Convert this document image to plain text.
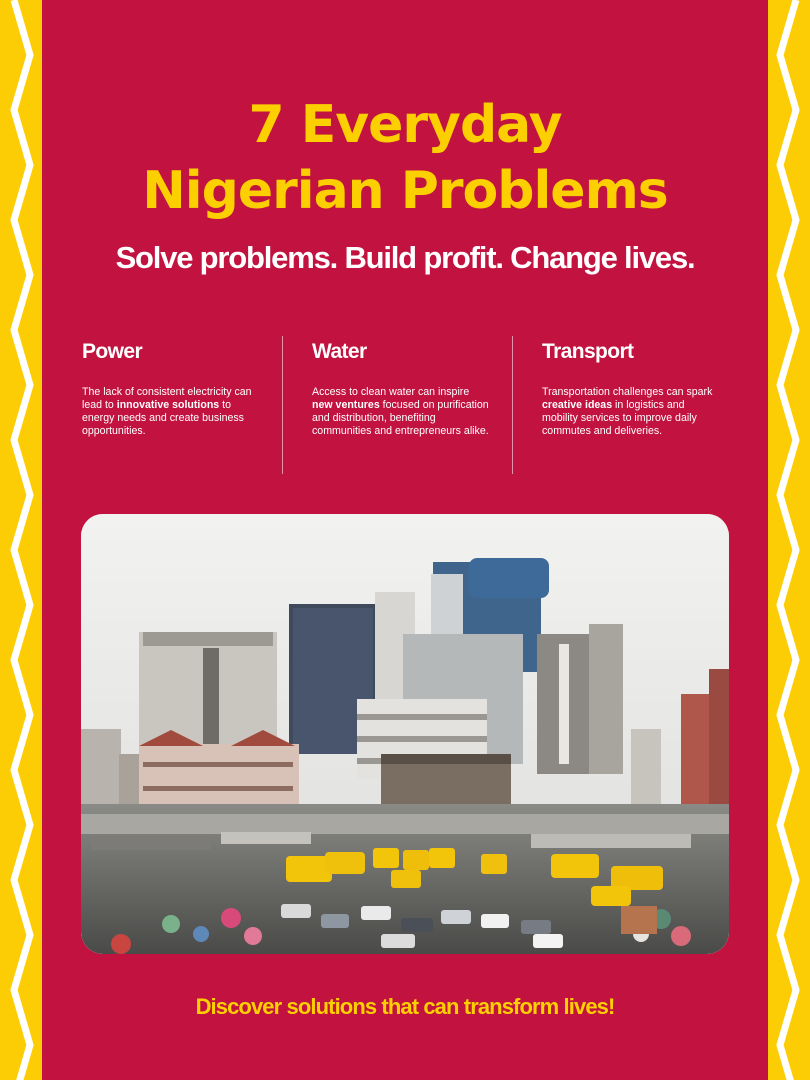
7 Everyday
Nigerian Problems
Solve problems. Build profit. Change lives.
Power

The lack of consistent electricity can lead to innovative solutions to energy needs and create business opportunities.

Water

Access to clean water can inspire new ventures focused on purification and distribution, benefiting communities and entrepreneurs alike.

Transport

Transportation challenges can spark creative ideas in logistics and mobility services to improve daily commutes and deliveries.

Discover solutions that can transform lives!
